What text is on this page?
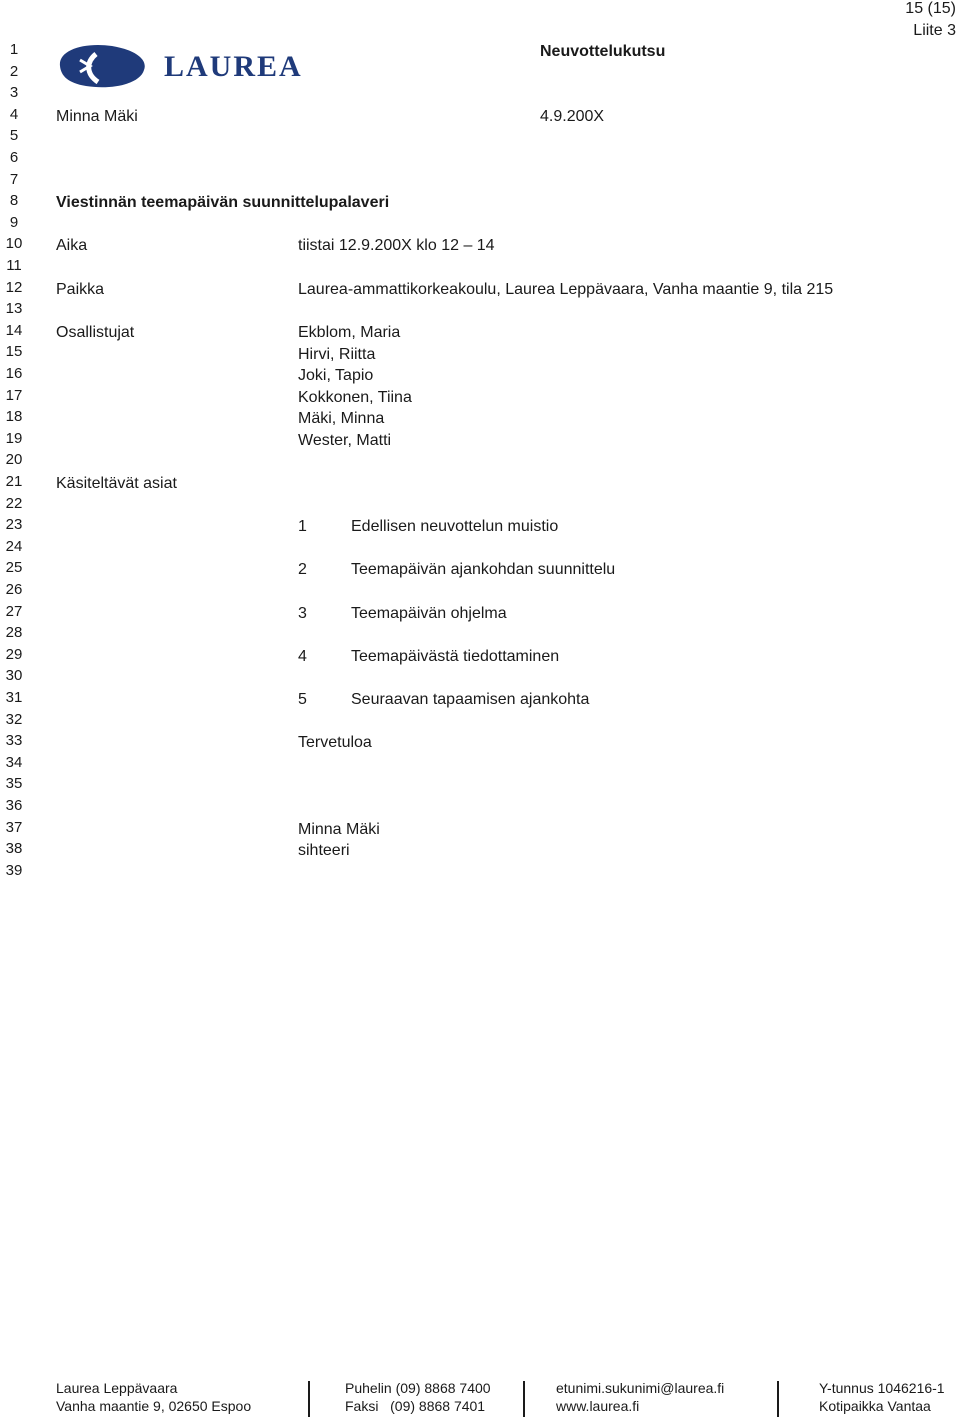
15 (15)
Liite 3
LAUREA	Neuvottelukutsu
Minna Mäki	4.9.200X
Viestinnän teemapäivän suunnittelupalaveri
Aika	tiistai 12.9.200X klo 12 – 14
Paikka	Laurea-ammattikorkeakoulu, Laurea Leppävaara, Vanha maantie 9, tila 215
Osallistujat	Ekblom, Maria
Hirvi, Riitta
Joki, Tapio
Kokkonen, Tiina
Mäki, Minna
Wester, Matti
Käsiteltävät asiat
1	Edellisen neuvottelun muistio
2	Teemapäivän ajankohdan suunnittelu
3	Teemapäivän ohjelma
4	Teemapäivästä tiedottaminen
5	Seuraavan tapaamisen ajankohta
Tervetuloa
Minna Mäki
sihteeri
1
2
3
4
5
6
7
8
9
10
11
12
13
14
15
16
17
18
19
20
21
22
23
24
25
26
27
28
29
30
31
32
33
34
35
36
37
38
39
Laurea Leppävaara
Vanha maantie 9, 02650 Espoo
Puhelin (09) 8868 7400
Faksi   (09) 8868 7401
etunimi.sukunimi@laurea.fi
www.laurea.fi
Y-tunnus 1046216-1
Kotipaikka Vantaa
